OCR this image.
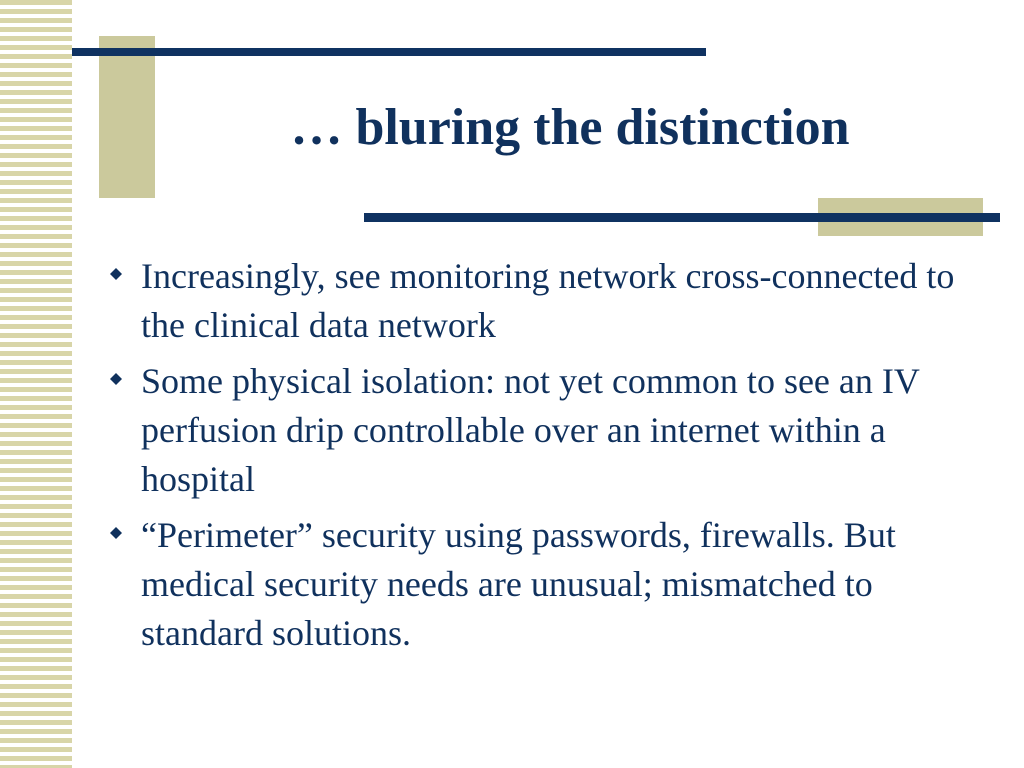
… bluring the distinction
Increasingly, see monitoring network cross-connected to the clinical data network
Some physical isolation: not yet common to see an IV perfusion drip controllable over an internet within a hospital
“Perimeter” security using passwords, firewalls. But medical security needs are unusual; mismatched to standard solutions.
